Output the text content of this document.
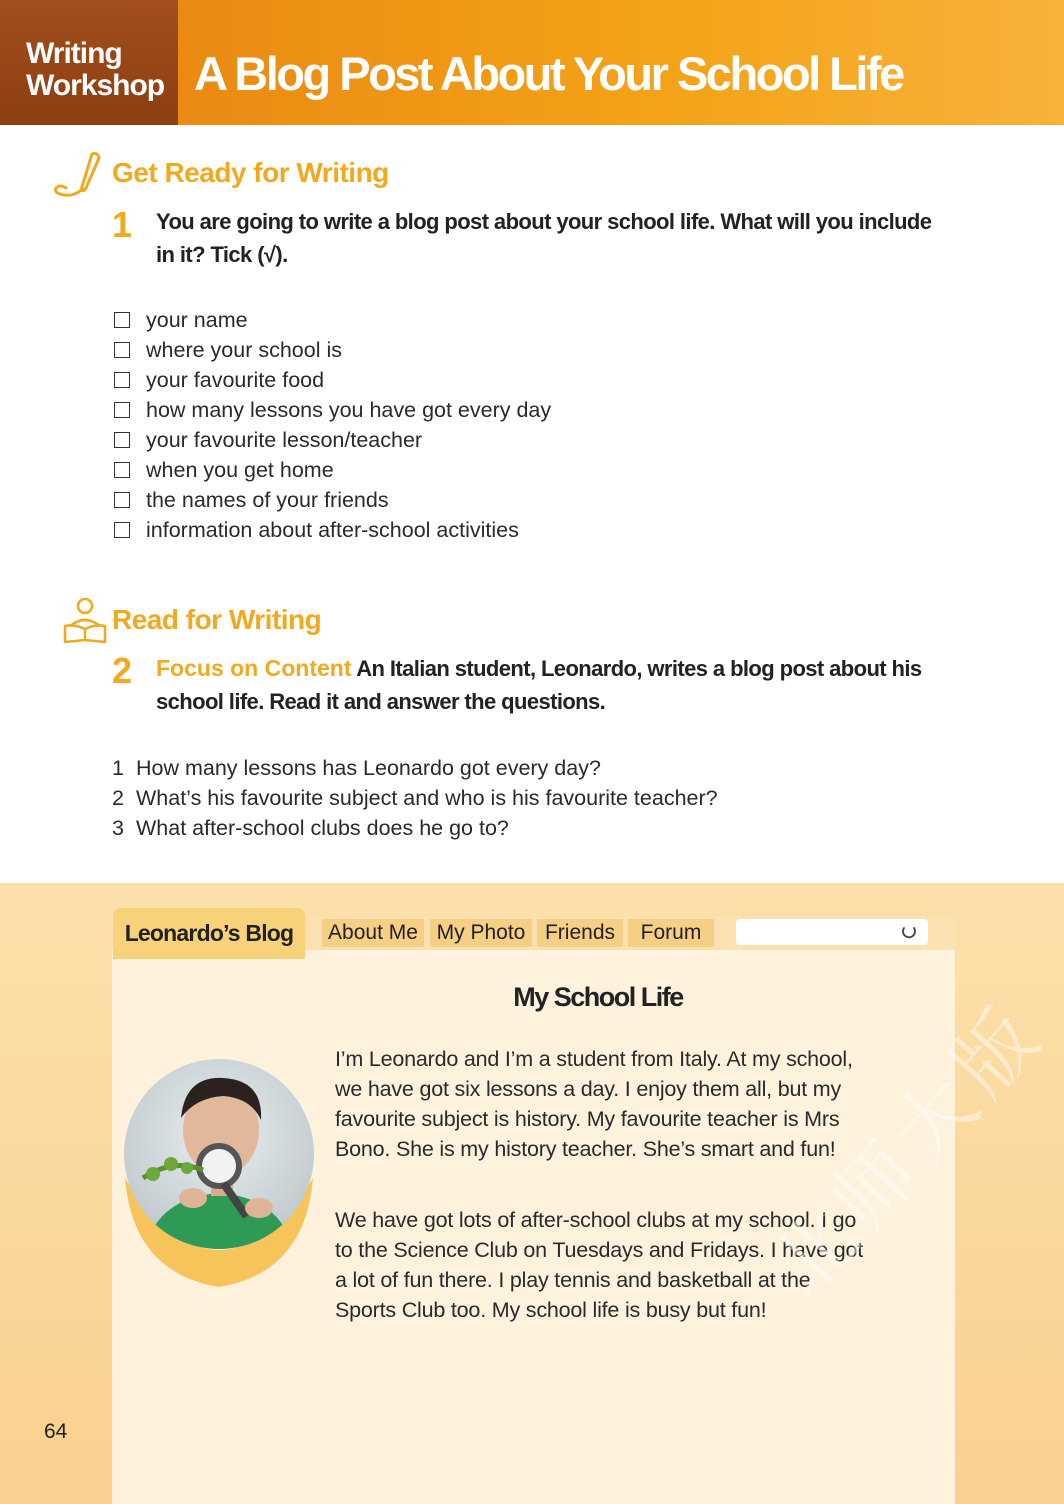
Writing
Workshop A Blog Post About Your School Life
Get Ready for Writing
1 You are going to write a blog post about your school life. What will you include in it? Tick (√).
your name
where your school is
your favourite food
how many lessons you have got every day
your favourite lesson/teacher
when you get home
the names of your friends
information about after-school activities
Read for Writing
2 Focus on Content An Italian student, Leonardo, writes a blog post about his school life. Read it and answer the questions.
1 How many lessons has Leonardo got every day?
2 What’s his favourite subject and who is his favourite teacher?
3 What after-school clubs does he go to?
Leonardo’s Blog	About Me My Photo Friends	Forum
My School Life
I’m Leonardo and I’m a student from Italy. At my school, we have got six lessons a day. I enjoy them all, but my favourite subject is history. My favourite teacher is Mrs Bono. She is my history teacher. She’s smart and fun!
We have got lots of after-school clubs at my school. I go to the Science Club on Tuesdays and Fridays. I have got a lot of fun there. I play tennis and basketball at the Sports Club too. My school life is busy but fun!
64
北师大版
